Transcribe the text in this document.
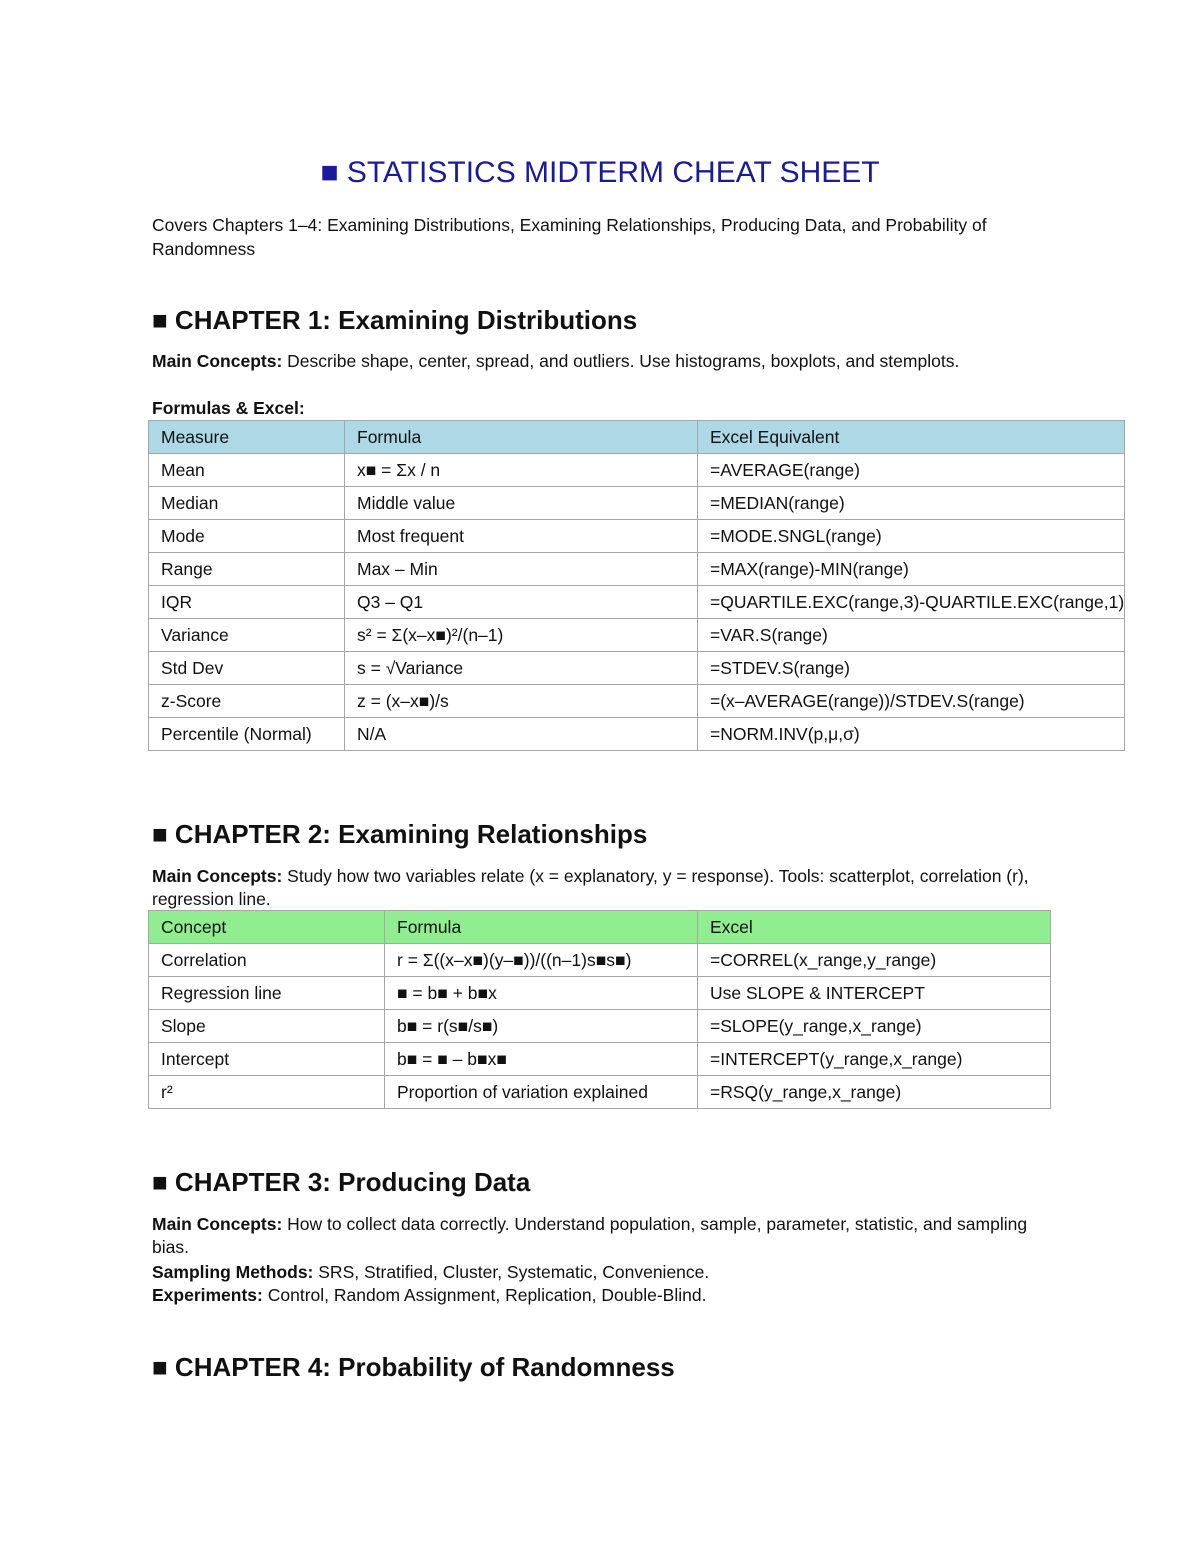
■ STATISTICS MIDTERM CHEAT SHEET

Covers Chapters 1–4: Examining Distributions, Examining Relationships, Producing Data, and Probability of Randomness

■ CHAPTER 1: Examining Distributions

Main Concepts: Describe shape, center, spread, and outliers. Use histograms, boxplots, and stemplots.

Formulas & Excel:

Measure	Formula	Excel Equivalent
Mean	x■ = Σx / n	=AVERAGE(range)
Median	Middle value	=MEDIAN(range)
Mode	Most frequent	=MODE.SNGL(range)
Range	Max – Min	=MAX(range)-MIN(range)
IQR	Q3 – Q1	=QUARTILE.EXC(range,3)-QUARTILE.EXC(range,1)
Variance	s² = Σ(x–x■)²/(n–1)	=VAR.S(range)
Std Dev	s = √Variance	=STDEV.S(range)
z-Score	z = (x–x■)/s	=(x–AVERAGE(range))/STDEV.S(range)
Percentile (Normal)	N/A	=NORM.INV(p,μ,σ)
■ CHAPTER 2: Examining Relationships

Main Concepts: Study how two variables relate (x = explanatory, y = response). Tools: scatterplot, correlation (r), regression line.

Concept	Formula	Excel
Correlation	r = Σ((x–x■)(y–■))/((n–1)s■s■)	=CORREL(x_range,y_range)
Regression line	■ = b■ + b■x	Use SLOPE & INTERCEPT
Slope	b■ = r(s■/s■)	=SLOPE(y_range,x_range)
Intercept	b■ = ■ – b■x■	=INTERCEPT(y_range,x_range)
r²	Proportion of variation explained	=RSQ(y_range,x_range)
■ CHAPTER 3: Producing Data

Main Concepts: How to collect data correctly. Understand population, sample, parameter, statistic, and sampling bias.

Sampling Methods: SRS, Stratified, Cluster, Systematic, Convenience.

Experiments: Control, Random Assignment, Replication, Double-Blind.

■ CHAPTER 4: Probability of Randomness
